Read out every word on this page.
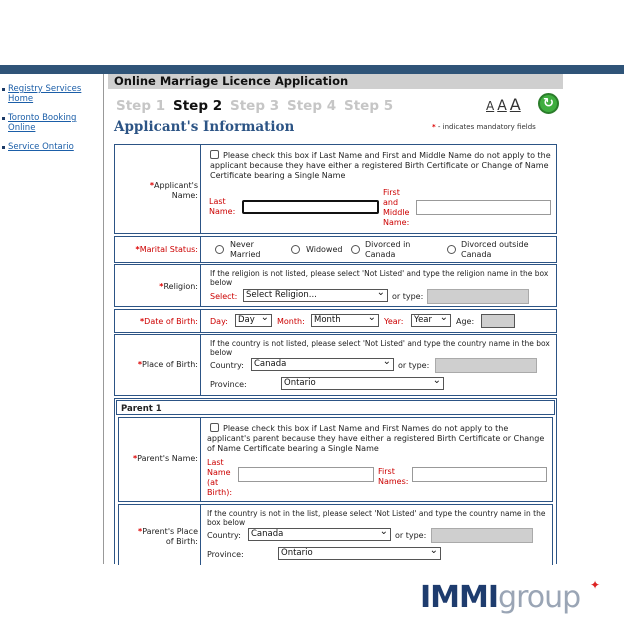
Registry Services Home
Toronto Booking Online
Service Ontario
Online Marriage Licence Application
Step 1 Step 2 Step 3 Step 4 Step 5	A A A	↻
Applicant's Information	* - indicates mandatory fields
*Applicant's Name:
Please check this box if Last Name and First and Middle Name do not apply to the applicant because they have either a registered Birth Certificate or Change of Name Certificate bearing a Single Name
Last Name:
First and Middle Name:
*Marital Status:
Never Married
Widowed
Divorced in Canada
Divorced outside Canada
*Religion:
If the religion is not listed, please select 'Not Listed' and type the religion name in the box below
Select:	Select Religion... ⌄	or type:
*Date of Birth: Day:	Day ⌄	Month:	Month ⌄	Year:	Year ⌄	Age:
*Place of Birth:
If the country is not listed, please select 'Not Listed' and type the country name in the box below
Country:	Canada ⌄	or type:
Province:	Ontario ⌄
Parent 1
*Parent's Name:
Please check this box if Last Name and First Names do not apply to the applicant's parent because they have either a registered Birth Certificate or Change of Name Certificate bearing a Single Name
Last Name (at Birth):
First Names:
*Parent's Place of Birth:
If the country is not in the list, please select 'Not Listed' and type the country name in the box below
Country:	Canada ⌄	or type:
Province:	Ontario ⌄
IMMIgroup ✦
